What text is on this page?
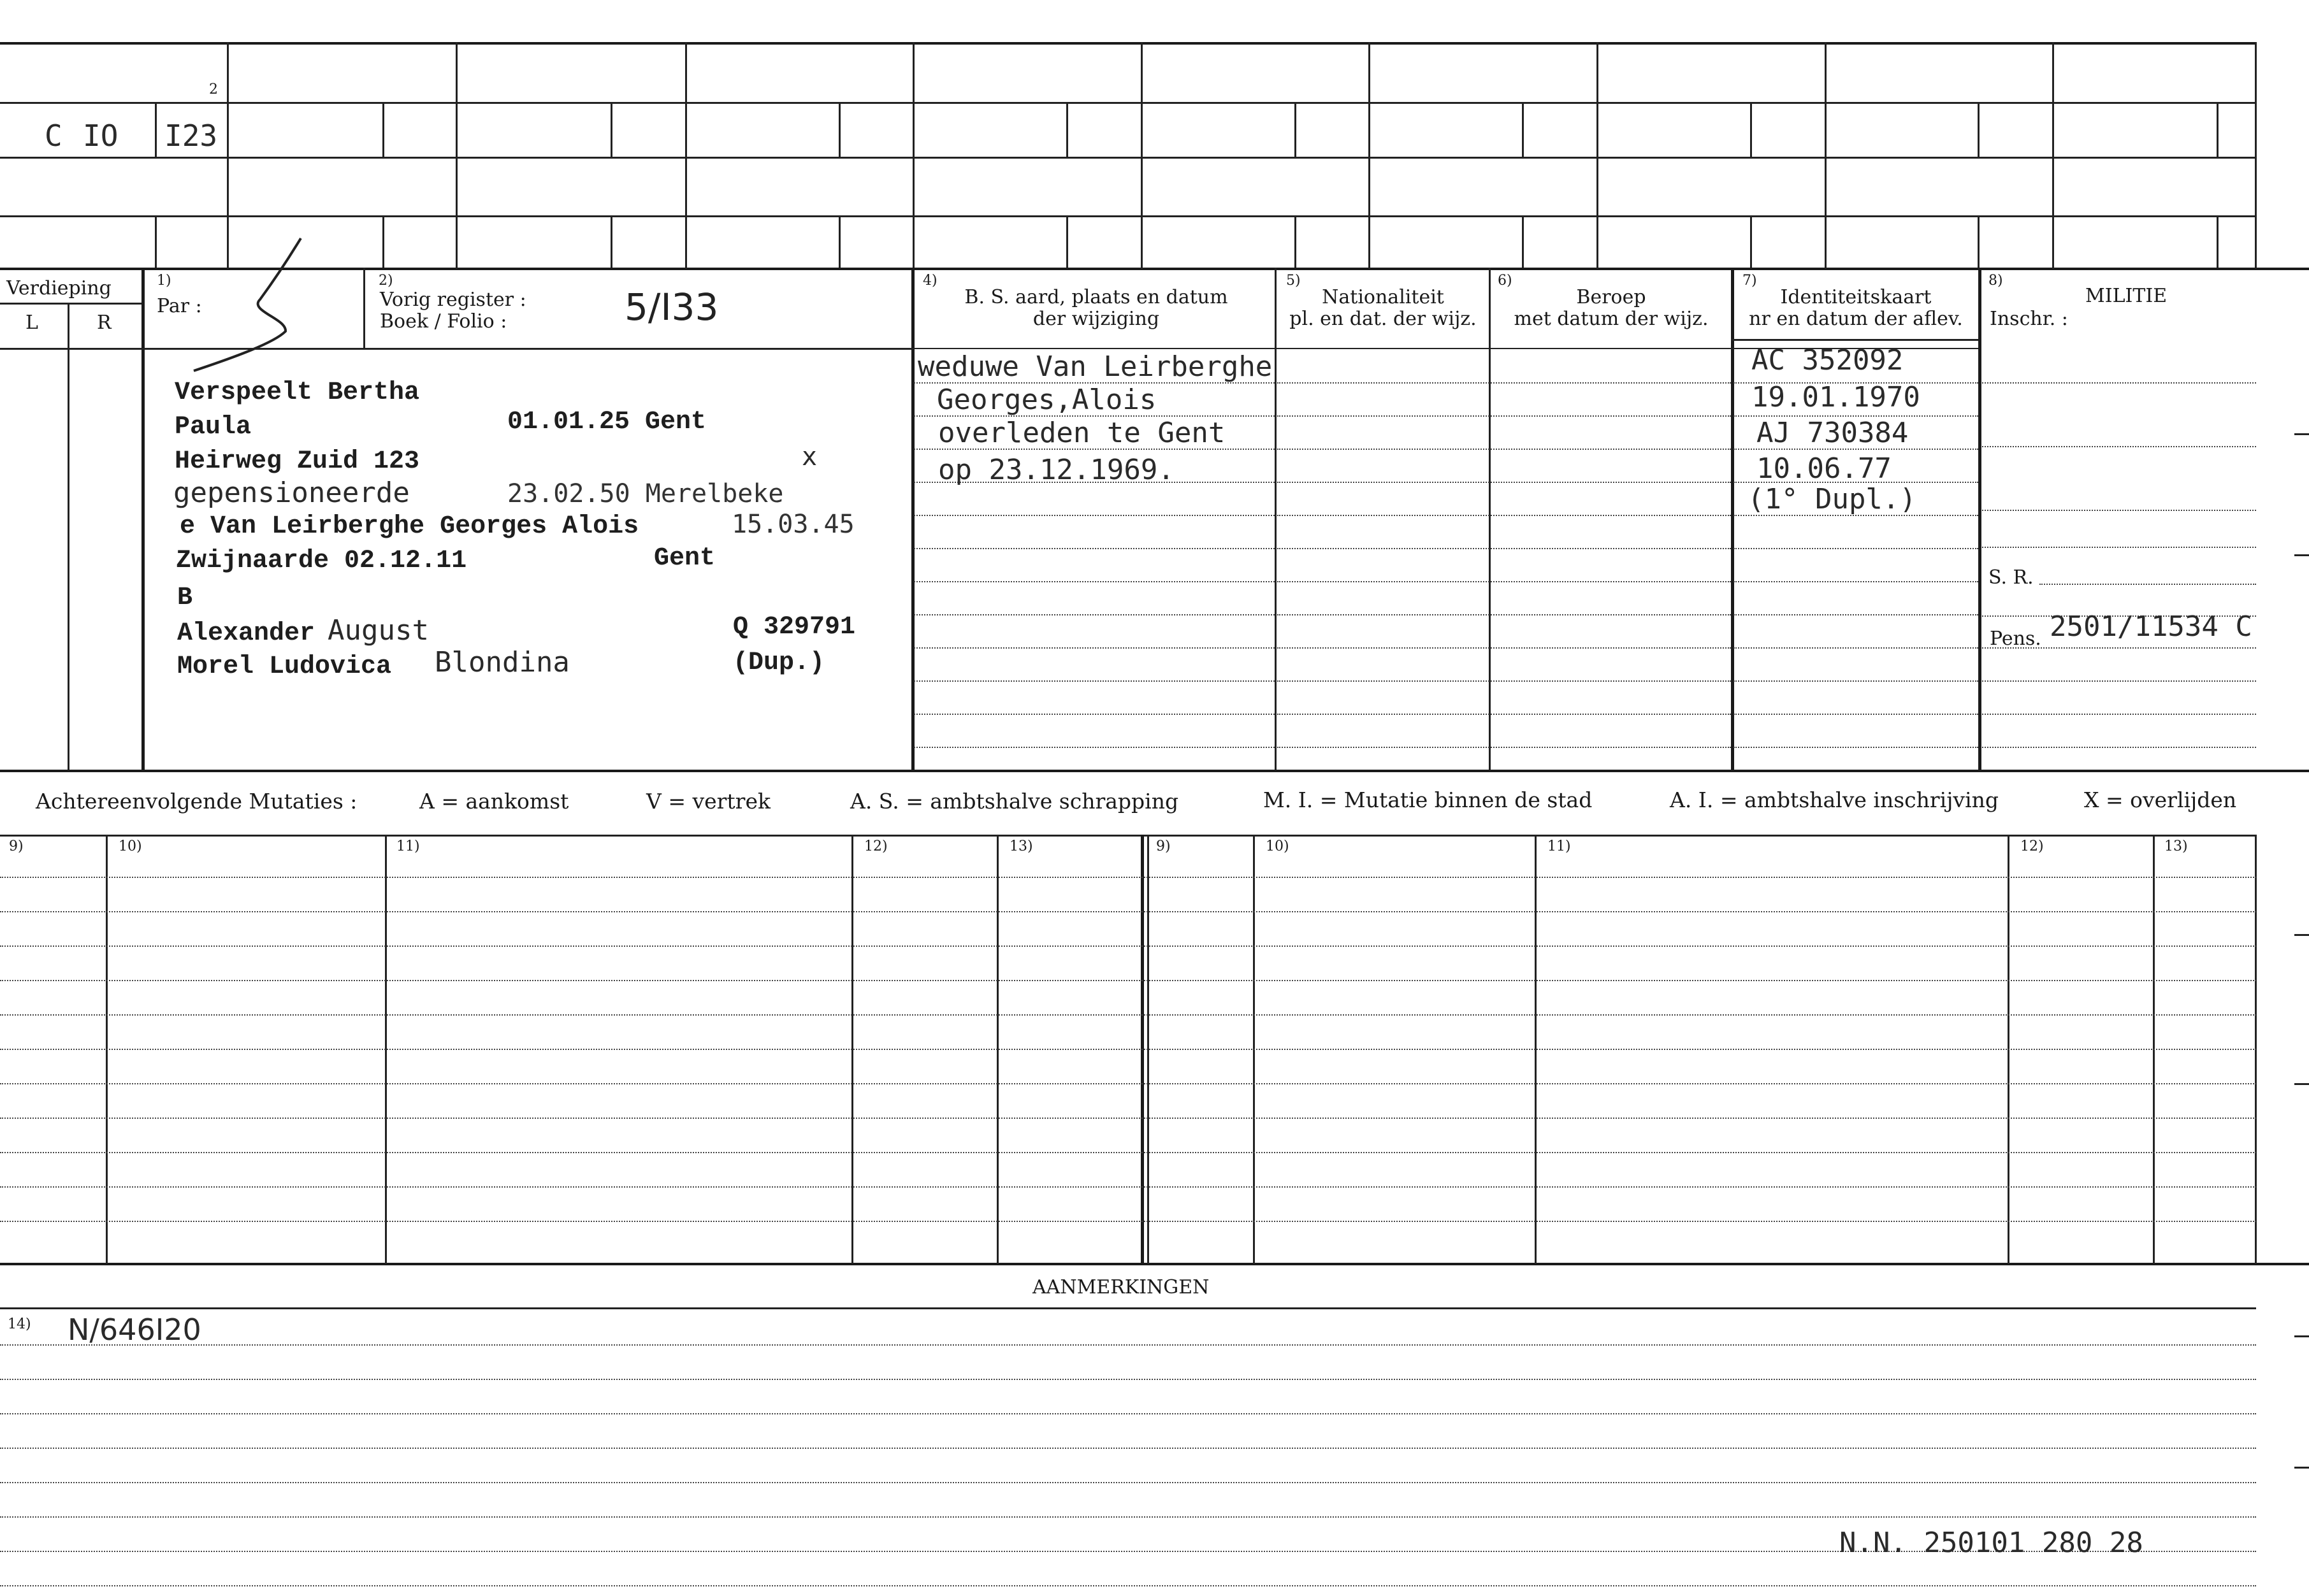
C IO I23
2
Verdieping
L	R
1)
Par :
2)
Vorig register :
Boek / Folio :	5/I33
4)
B. S. aard, plaats en datum
der wijziging
5)
Nationaliteit
pl. en dat. der wijz.
6)
Beroep
met datum der wijz.
7)
Identiteitskaart
nr en datum der aflev.
8)
MILITIE
Inschr. :
Verspeelt Bertha
Paula	01.01.25 Gent
Heirweg Zuid 123	x
gepensioneerde	23.02.50 Merelbeke
e Van Leirberghe Georges Alois	15.03.45
Zwijnaarde 02.12.11	Gent
B
Alexander August	Q 329791
Morel Ludovica Blondina	(Dup.)
weduwe Van Leirberghe
Georges,Alois
overleden te Gent
op 23.12.1969.
AC 352092
19.01.1970
AJ 730384
10.06.77
(1° Dupl.)
S. R.
Pens. 2501/11534 C
Achtereenvolgende Mutaties :	A = aankomst	V = vertrek	A. S. = ambtshalve schrapping	M. I. = Mutatie binnen de stad	A. I. = ambtshalve inschrijving	X = overlijden
9)	10)	11)	12)	13)	9)	10)	11)	12)	13)
AANMERKINGEN
14) N/646I20
N.N. 250101 280 28
